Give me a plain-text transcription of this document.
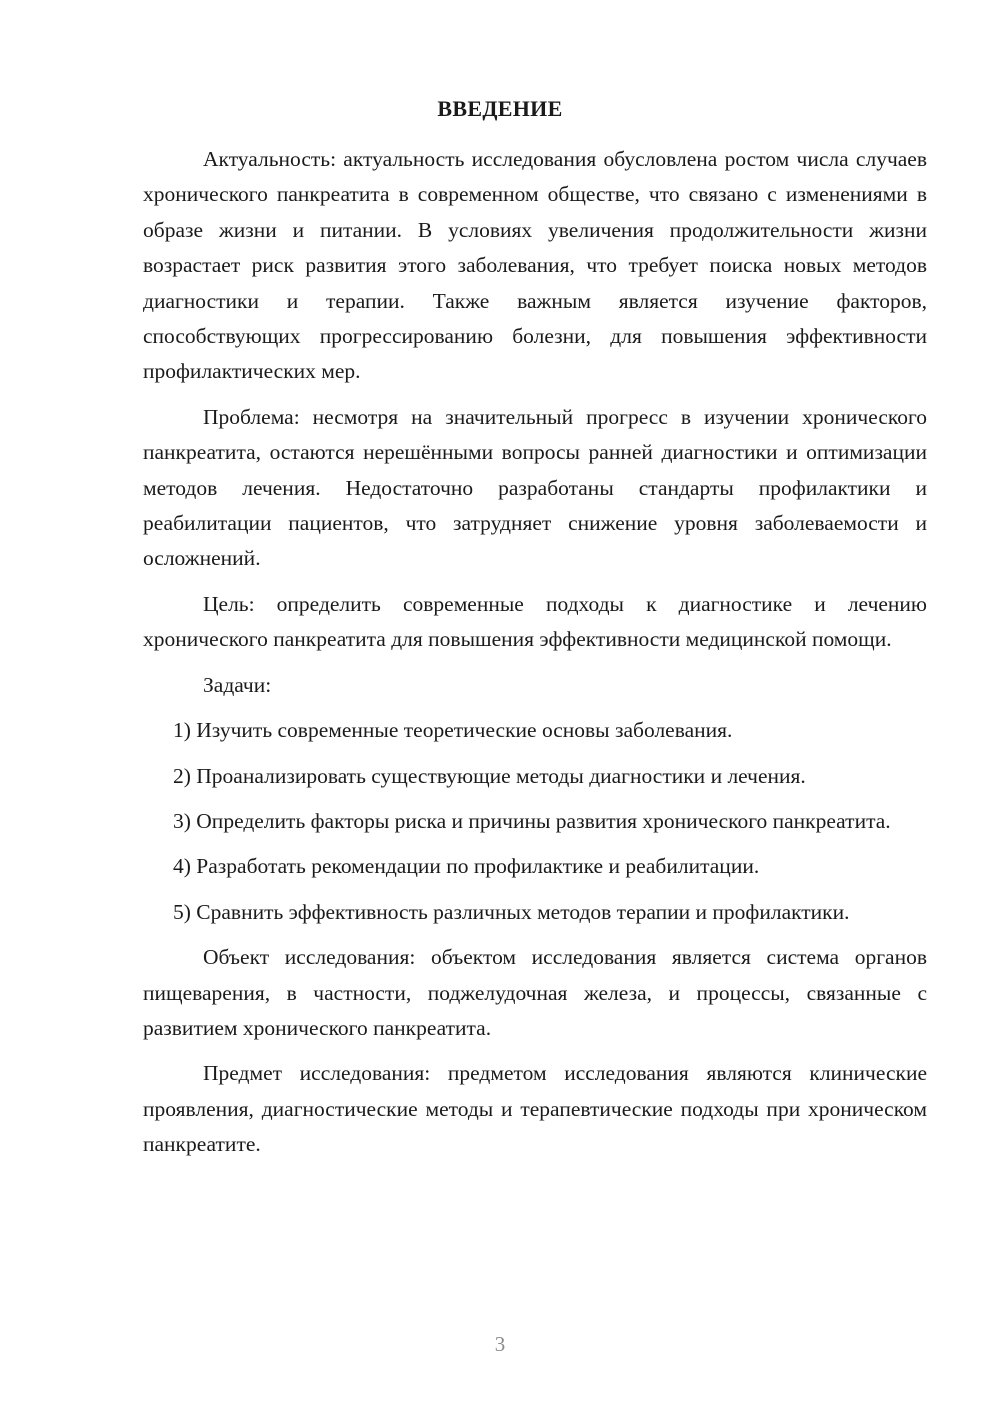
ВВЕДЕНИЕ

Актуальность: актуальность исследования обусловлена ростом числа случаев хронического панкреатита в современном обществе, что связано с изменениями в образе жизни и питании. В условиях увеличения продолжительности жизни возрастает риск развития этого заболевания, что требует поиска новых методов диагностики и терапии. Также важным является изучение факторов, способствующих прогрессированию болезни, для повышения эффективности профилактических мер.

Проблема: несмотря на значительный прогресс в изучении хронического панкреатита, остаются нерешёнными вопросы ранней диагностики и оптимизации методов лечения. Недостаточно разработаны стандарты профилактики и реабилитации пациентов, что затрудняет снижение уровня заболеваемости и осложнений.

Цель: определить современные подходы к диагностике и лечению хронического панкреатита для повышения эффективности медицинской помощи.

Задачи:

1) Изучить современные теоретические основы заболевания.

2) Проанализировать существующие методы диагностики и лечения.

3) Определить факторы риска и причины развития хронического панкреатита.

4) Разработать рекомендации по профилактике и реабилитации.

5) Сравнить эффективность различных методов терапии и профилактики.

Объект исследования: объектом исследования является система органов пищеварения, в частности, поджелудочная железа, и процессы, связанные с развитием хронического панкреатита.

Предмет исследования: предметом исследования являются клинические проявления, диагностические методы и терапевтические подходы при хроническом панкреатите.

3
